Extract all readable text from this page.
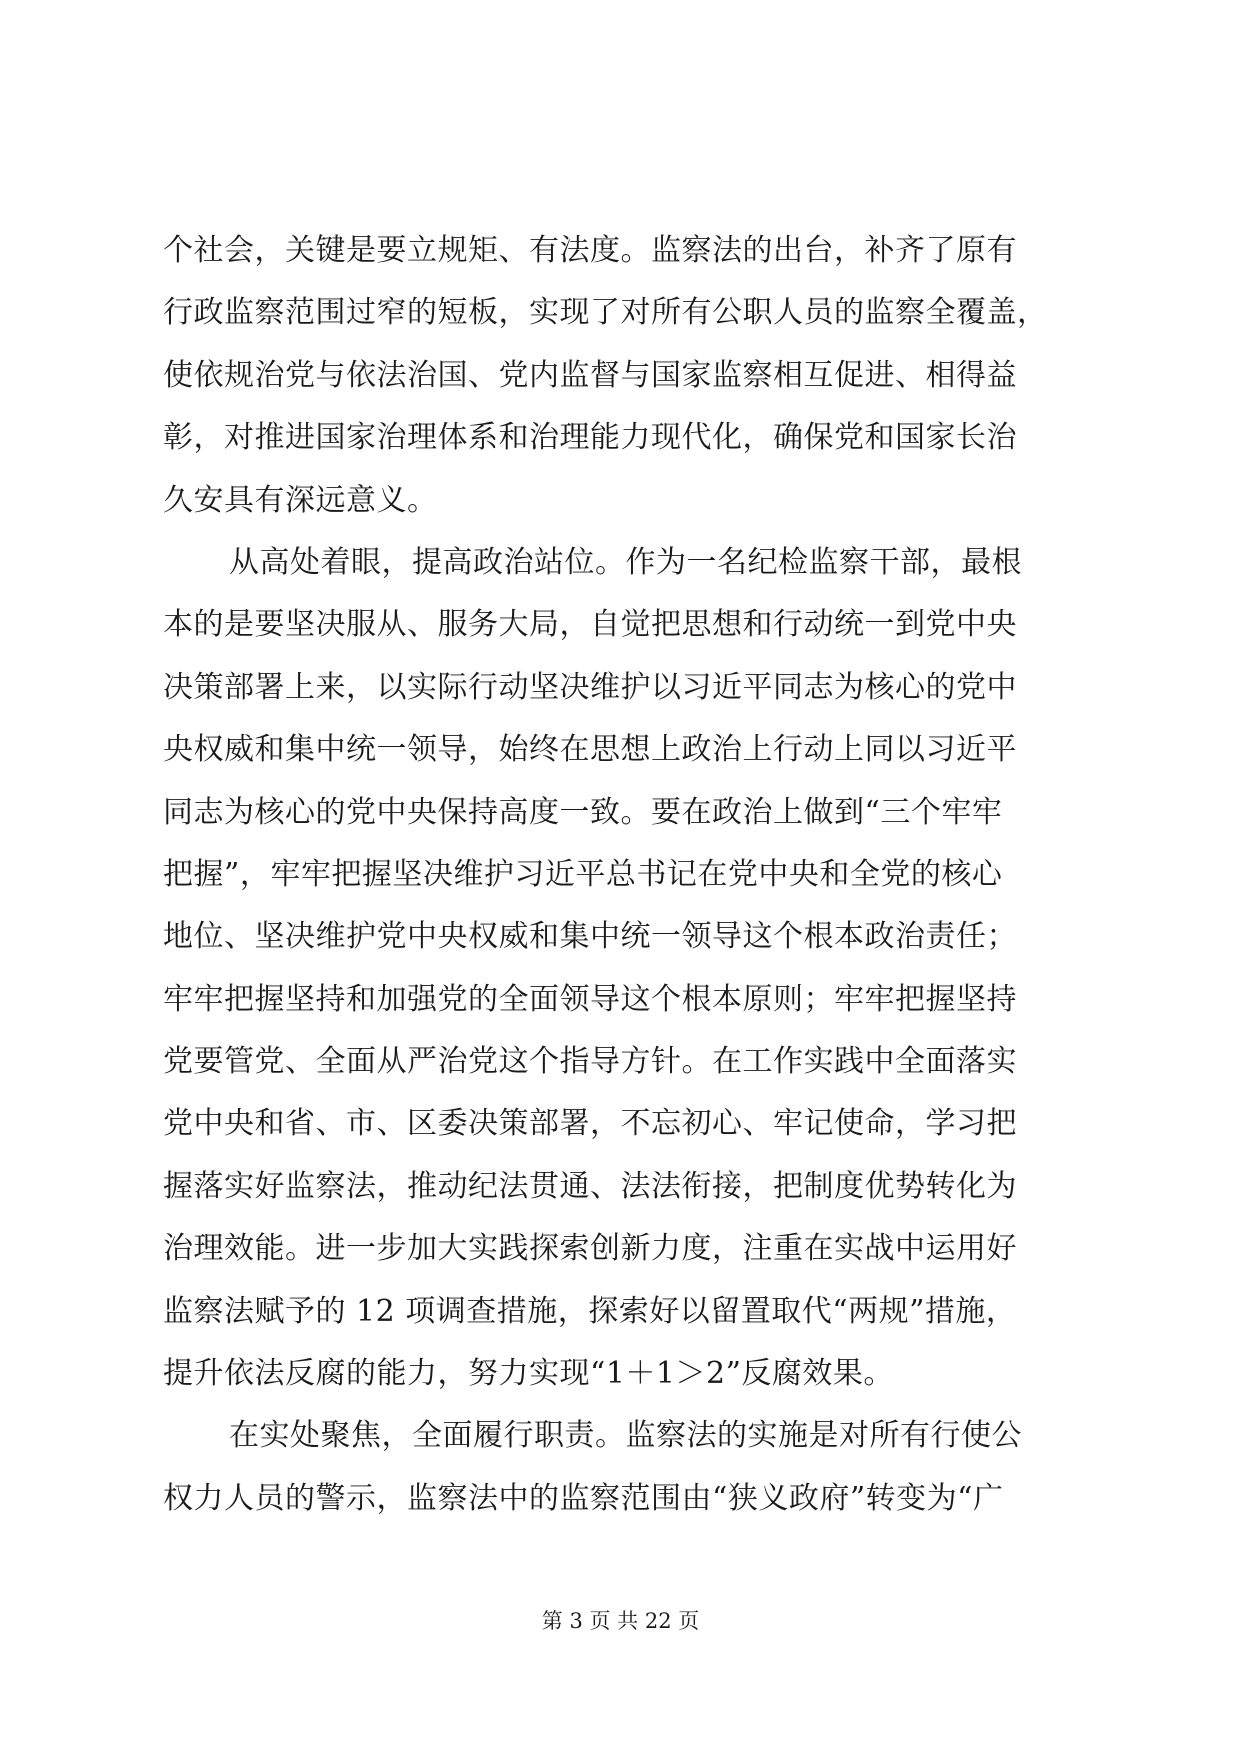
个社会，关键是要立规矩、有法度。监察法的出台，补齐了原有
行政监察范围过窄的短板，实现了对所有公职人员的监察全覆盖，
使依规治党与依法治国、党内监督与国家监察相互促进、相得益
彰，对推进国家治理体系和治理能力现代化，确保党和国家长治
久安具有深远意义。
从高处着眼，提高政治站位。作为一名纪检监察干部，最根
本的是要坚决服从、服务大局，自觉把思想和行动统一到党中央
决策部署上来，以实际行动坚决维护以习近平同志为核心的党中
央权威和集中统一领导，始终在思想上政治上行动上同以习近平
同志为核心的党中央保持高度一致。要在政治上做到“三个牢牢
把握”，牢牢把握坚决维护习近平总书记在党中央和全党的核心
地位、坚决维护党中央权威和集中统一领导这个根本政治责任；
牢牢把握坚持和加强党的全面领导这个根本原则；牢牢把握坚持
党要管党、全面从严治党这个指导方针。在工作实践中全面落实
党中央和省、市、区委决策部署，不忘初心、牢记使命，学习把
握落实好监察法，推动纪法贯通、法法衔接，把制度优势转化为
治理效能。进一步加大实践探索创新力度，注重在实战中运用好
监察法赋予的 12 项调查措施，探索好以留置取代“两规”措施，
提升依法反腐的能力，努力实现“1＋1＞2”反腐效果。
在实处聚焦，全面履行职责。监察法的实施是对所有行使公
权力人员的警示，监察法中的监察范围由“狭义政府”转变为“广
第 3 页 共 22 页
